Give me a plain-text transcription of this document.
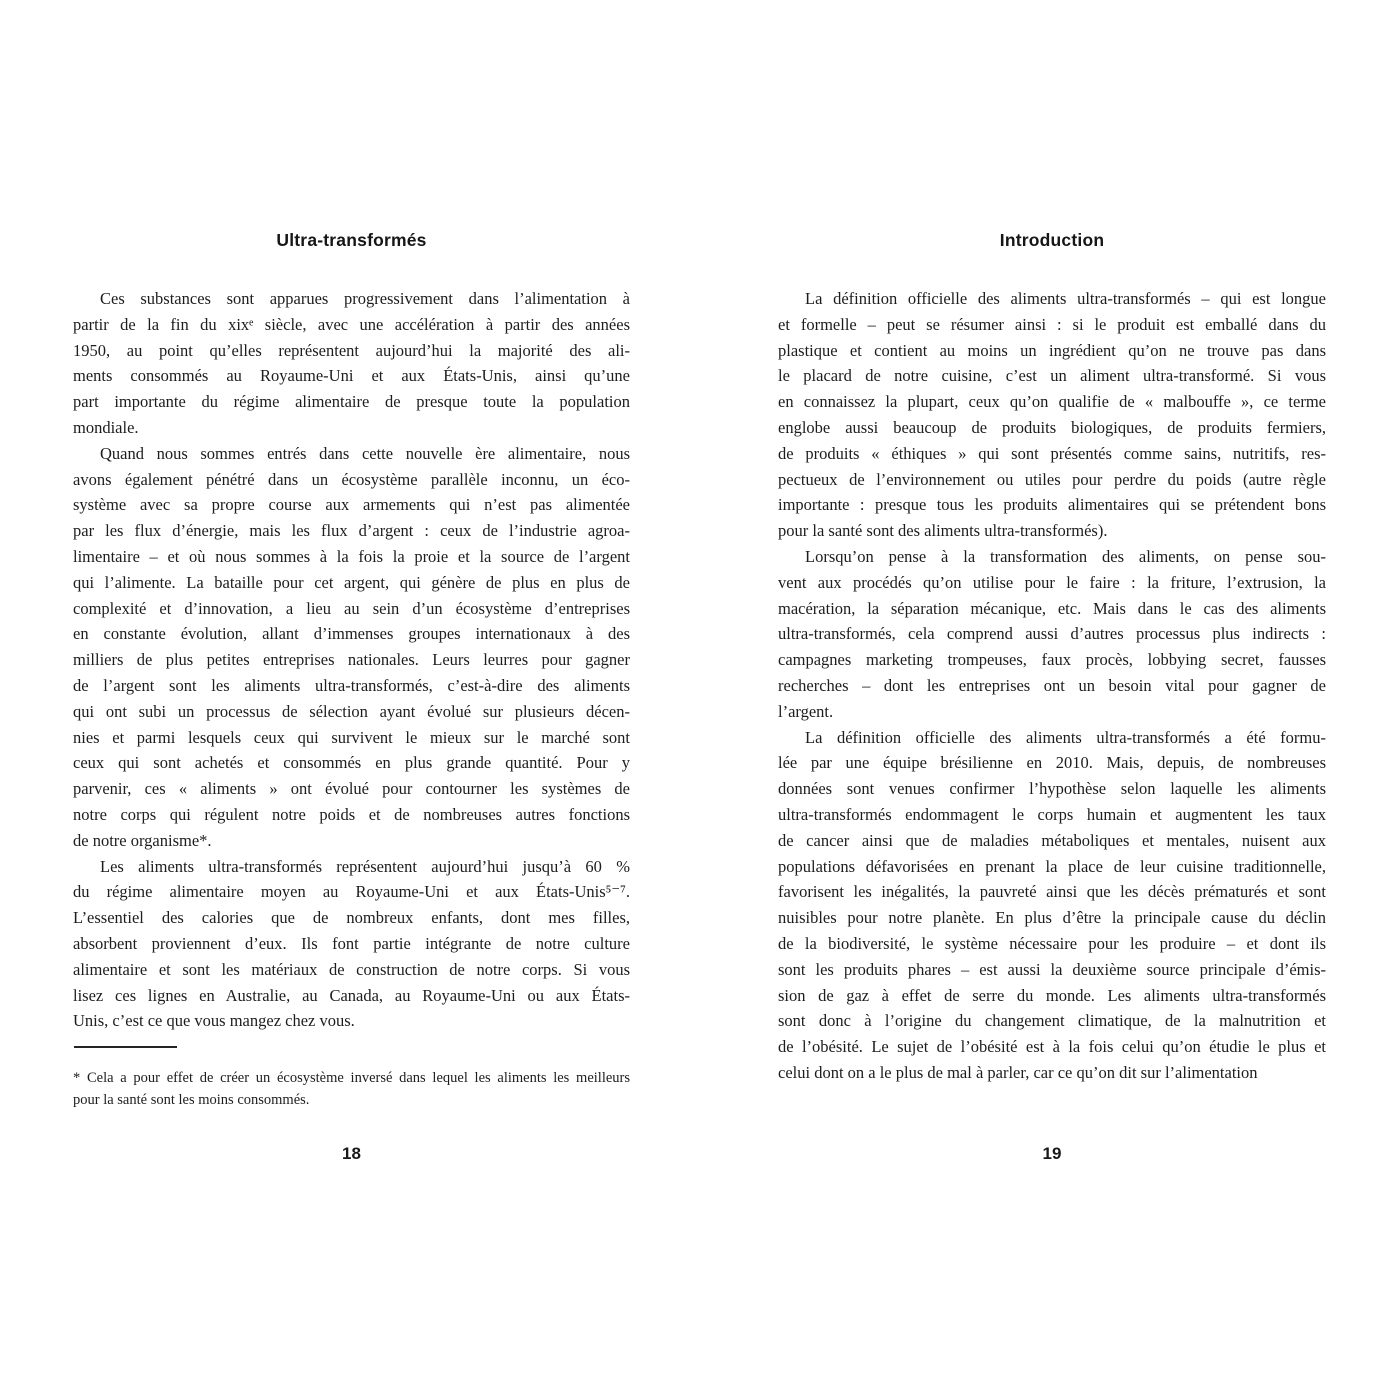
Ultra-transformés
Ces substances sont apparues progressivement dans l’alimentation à
partir de la fin du xixᵉ siècle, avec une accélération à partir des années
1950, au point qu’elles représentent aujourd’hui la majorité des ali-
ments consommés au Royaume-Uni et aux États-Unis, ainsi qu’une
part importante du régime alimentaire de presque toute la population
mondiale.
Quand nous sommes entrés dans cette nouvelle ère alimentaire, nous
avons également pénétré dans un écosystème parallèle inconnu, un éco-
système avec sa propre course aux armements qui n’est pas alimentée
par les flux d’énergie, mais les flux d’argent : ceux de l’industrie agroa-
limentaire – et où nous sommes à la fois la proie et la source de l’argent
qui l’alimente. La bataille pour cet argent, qui génère de plus en plus de
complexité et d’innovation, a lieu au sein d’un écosystème d’entreprises
en constante évolution, allant d’immenses groupes internationaux à des
milliers de plus petites entreprises nationales. Leurs leurres pour gagner
de l’argent sont les aliments ultra-transformés, c’est-à-dire des aliments
qui ont subi un processus de sélection ayant évolué sur plusieurs décen-
nies et parmi lesquels ceux qui survivent le mieux sur le marché sont
ceux qui sont achetés et consommés en plus grande quantité. Pour y
parvenir, ces « aliments » ont évolué pour contourner les systèmes de
notre corps qui régulent notre poids et de nombreuses autres fonctions
de notre organisme*.
Les aliments ultra-transformés représentent aujourd’hui jusqu’à 60 %
du régime alimentaire moyen au Royaume-Uni et aux États-Unis⁵⁻⁷.
L’essentiel des calories que de nombreux enfants, dont mes filles,
absorbent proviennent d’eux. Ils font partie intégrante de notre culture
alimentaire et sont les matériaux de construction de notre corps. Si vous
lisez ces lignes en Australie, au Canada, au Royaume-Uni ou aux États-
Unis, c’est ce que vous mangez chez vous.
* Cela a pour effet de créer un écosystème inversé dans lequel les aliments les meilleurs
pour la santé sont les moins consommés.
18
Introduction
La définition officielle des aliments ultra-transformés – qui est longue
et formelle – peut se résumer ainsi : si le produit est emballé dans du
plastique et contient au moins un ingrédient qu’on ne trouve pas dans
le placard de notre cuisine, c’est un aliment ultra-transformé. Si vous
en connaissez la plupart, ceux qu’on qualifie de « malbouffe », ce terme
englobe aussi beaucoup de produits biologiques, de produits fermiers,
de produits « éthiques » qui sont présentés comme sains, nutritifs, res-
pectueux de l’environnement ou utiles pour perdre du poids (autre règle
importante : presque tous les produits alimentaires qui se prétendent bons
pour la santé sont des aliments ultra-transformés).
Lorsqu’on pense à la transformation des aliments, on pense sou-
vent aux procédés qu’on utilise pour le faire : la friture, l’extrusion, la
macération, la séparation mécanique, etc. Mais dans le cas des aliments
ultra-transformés, cela comprend aussi d’autres processus plus indirects :
campagnes marketing trompeuses, faux procès, lobbying secret, fausses
recherches – dont les entreprises ont un besoin vital pour gagner de
l’argent.
La définition officielle des aliments ultra-transformés a été formu-
lée par une équipe brésilienne en 2010. Mais, depuis, de nombreuses
données sont venues confirmer l’hypothèse selon laquelle les aliments
ultra-transformés endommagent le corps humain et augmentent les taux
de cancer ainsi que de maladies métaboliques et mentales, nuisent aux
populations défavorisées en prenant la place de leur cuisine traditionnelle,
favorisent les inégalités, la pauvreté ainsi que les décès prématurés et sont
nuisibles pour notre planète. En plus d’être la principale cause du déclin
de la biodiversité, le système nécessaire pour les produire – et dont ils
sont les produits phares – est aussi la deuxième source principale d’émis-
sion de gaz à effet de serre du monde. Les aliments ultra-transformés
sont donc à l’origine du changement climatique, de la malnutrition et
de l’obésité. Le sujet de l’obésité est à la fois celui qu’on étudie le plus et
celui dont on a le plus de mal à parler, car ce qu’on dit sur l’alimentation
19
